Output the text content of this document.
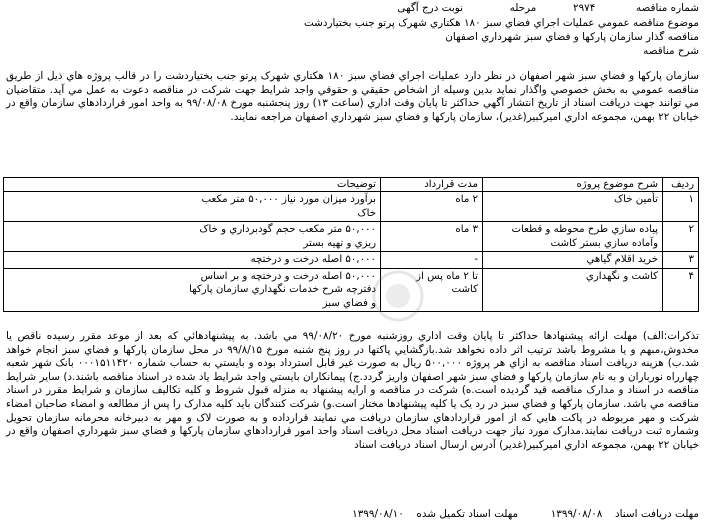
شماره مناقصه  ۲۹۷۴  مرحله  نوبت درج آگهی
موضوع مناقصه عمومي عمليات اجراي فضاي سبز ۱۸۰ هکتاري شهرک پرتو جنب بختياردشت
مناقصه گذار سازمان پارکها و فضاي سبز شهرداري اصفهان
شرح مناقصه
سازمان پارکها و فضاي سبز شهر اصفهان در نظر دارد عمليات اجراي فضاي سبز ۱۸۰ هکتاري شهرک پرتو جنب بختياردشت را در قالب پروژه هاي ذيل از طريق مناقصه عمومي به بخش خصوصي واگذار نمايد بدين وسيله از اشخاص حقيقي و حقوقي واجد شرايط جهت شرکت در مناقصه دعوت به عمل مي آيد. متقاضيان مي توانند جهت دريافت اسناد از تاريخ انتشار آگهي حداکثر تا پايان وقت اداري (ساعت ۱۳) روز پنجشنبه مورخ ۹۹/۰۸/۰۸ به واحد امور قراردادهاي سازمان واقع در خيابان ۲۲ بهمن، مجموعه اداري اميرکبير(غدير)، سازمان پارکها و فضاي سبز شهرداري اصفهان مراجعه نمايند.
رديف	شرح موضوع پروژه	مدت قرارداد	توضيحات
۱	تأمين خاک	۲ ماه	برآورد ميزان مورد نياز ۵۰,۰۰۰ متر مکعب خاک
۲	پياده سازي طرح محوطه و قطعات وآماده سازي بستر کاشت	۳ ماه	۵۰,۰۰۰ متر مکعب حجم گودبرداري و خاک ريزي و تهيه بستر
۳	خريد اقلام گياهي	-	۵۰,۰۰۰ اصله درخت و درختچه
۴	کاشت و نگهداري	تا ۲ ماه پس از کاشت	۵۰,۰۰۰ اصله درخت و درختچه و بر اساس دفترچه شرح خدمات نگهداري سازمان پارکها و فضاي سبز
تذکرات:الف) مهلت ارائه پيشنهادها حداکثر تا پايان وقت اداري روزشنبه مورخ ۹۹/۰۸/۲۰ مي باشد. به پيشنهادهائي که بعد از موعد مقرر رسيده ناقص يا مخدوش،مبهم و يا مشروط باشد ترتيب اثر داده نخواهد شد.بازگشايي پاکتها در روز پنج شنبه مورخ ۹۹/۸/۱۵ در محل سازمان پارکها و فضاي سبز انجام خواهد شد.ب) هزينه دريافت اسناد مناقصه به ازاي هر پروژه ۵۰۰,۰۰۰ ريال به صورت غير قابل استرداد بوده و بايستي به حساب شماره ۰۰۰۱۵۱۱۴۲۰ بانک شهر شعبه چهارراه نورباران و به نام سازمان پارکها و فضاي سبز شهر اصفهان واريز گردد.ج) پيمانکاران بايستي واجد شرايط ياد شده در اسناد مناقصه باشند.د) ساير شرايط مناقصه در اسناد و مدارک مناقصه قيد گرديده است.ه) شرکت در مناقصه و ارايه پيشنهاد به منزله قبول شروط و کليه تکاليف سازمان و شرايط مقرر در اسناد مناقصه مي باشد. سازمان پارکها و فضاي سبز در رد يک يا کليه پيشنهادها مختار است.و) شرکت کنندگان بايد کليه مدارک را پس از مطالعه و امضاء صاحبان امضاء شرکت و مهر مربوطه در پاکت هايي که از امور قراردادهاي سازمان دريافت مي نمايند قرارداده و به صورت لاک و مهر به دبيرخانه محرمانه سازمان تحويل وشماره ثبت دريافت نمايند.مدارک مورد نياز جهت دريافت اسناد محل دريافت اسناد واحد امور قراردادهاي سازمان پارکها و فضاي سبز شهرداري اصفهان واقع در خيابان ۲۲ بهمن، مجموعه اداري اميرکبير(غدير) آدرس ارسال اسناد دريافت اسناد
مهلت دريافت اسناد  ۱۳۹۹/۰۸/۰۸  مهلت اسناد تکميل شده  ۱۳۹۹/۰۸/۱۰
